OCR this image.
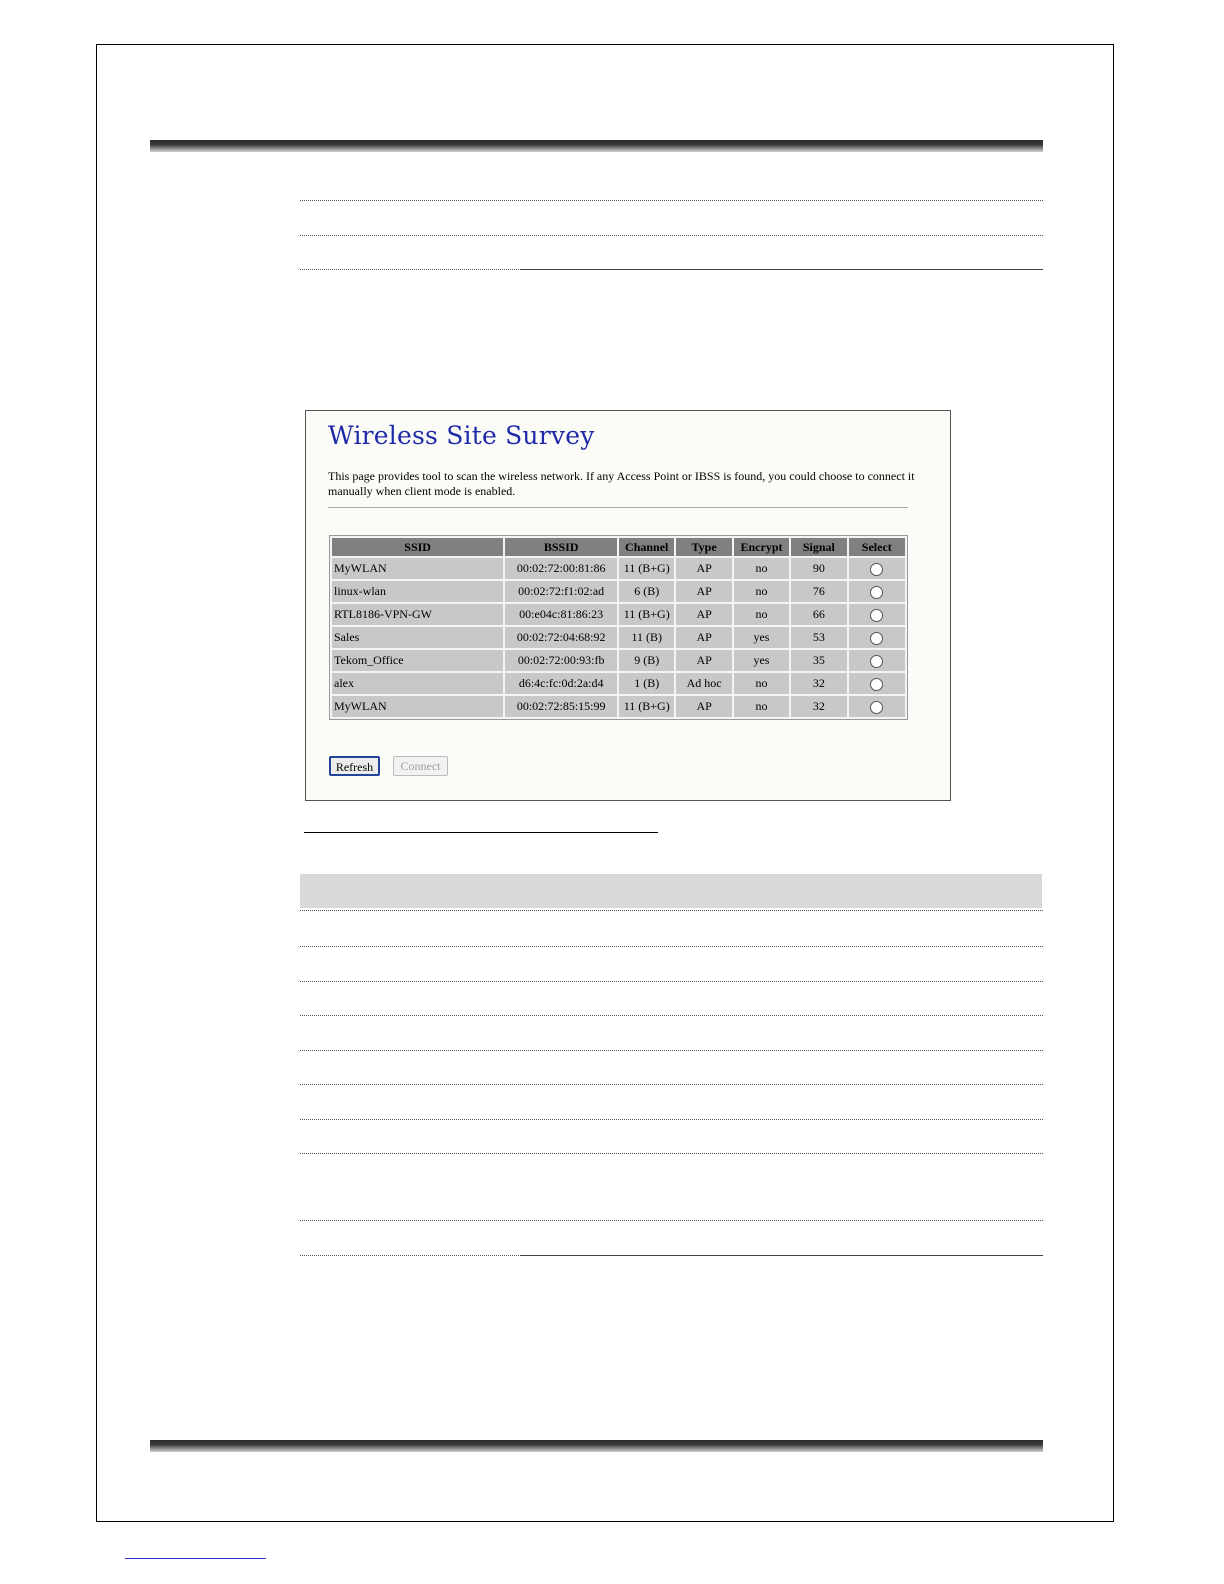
Wireless Site Survey
This page provides tool to scan the wireless network. If any Access Point or IBSS is found, you could choose to connect it manually when client mode is enabled.
SSID	BSSID	Channel	Type	Encrypt	Signal	Select
MyWLAN	00:02:72:00:81:86	11 (B+G)	AP	no	90	
linux-wlan	00:02:72:f1:02:ad	6 (B)	AP	no	76	
RTL8186-VPN-GW	00:e04c:81:86:23	11 (B+G)	AP	no	66	
Sales	00:02:72:04:68:92	11 (B)	AP	yes	53	
Tekom_Office	00:02:72:00:93:fb	9 (B)	AP	yes	35	
alex	d6:4c:fc:0d:2a:d4	1 (B)	Ad hoc	no	32	
MyWLAN	00:02:72:85:15:99	11 (B+G)	AP	no	32	
Refresh	Connect
